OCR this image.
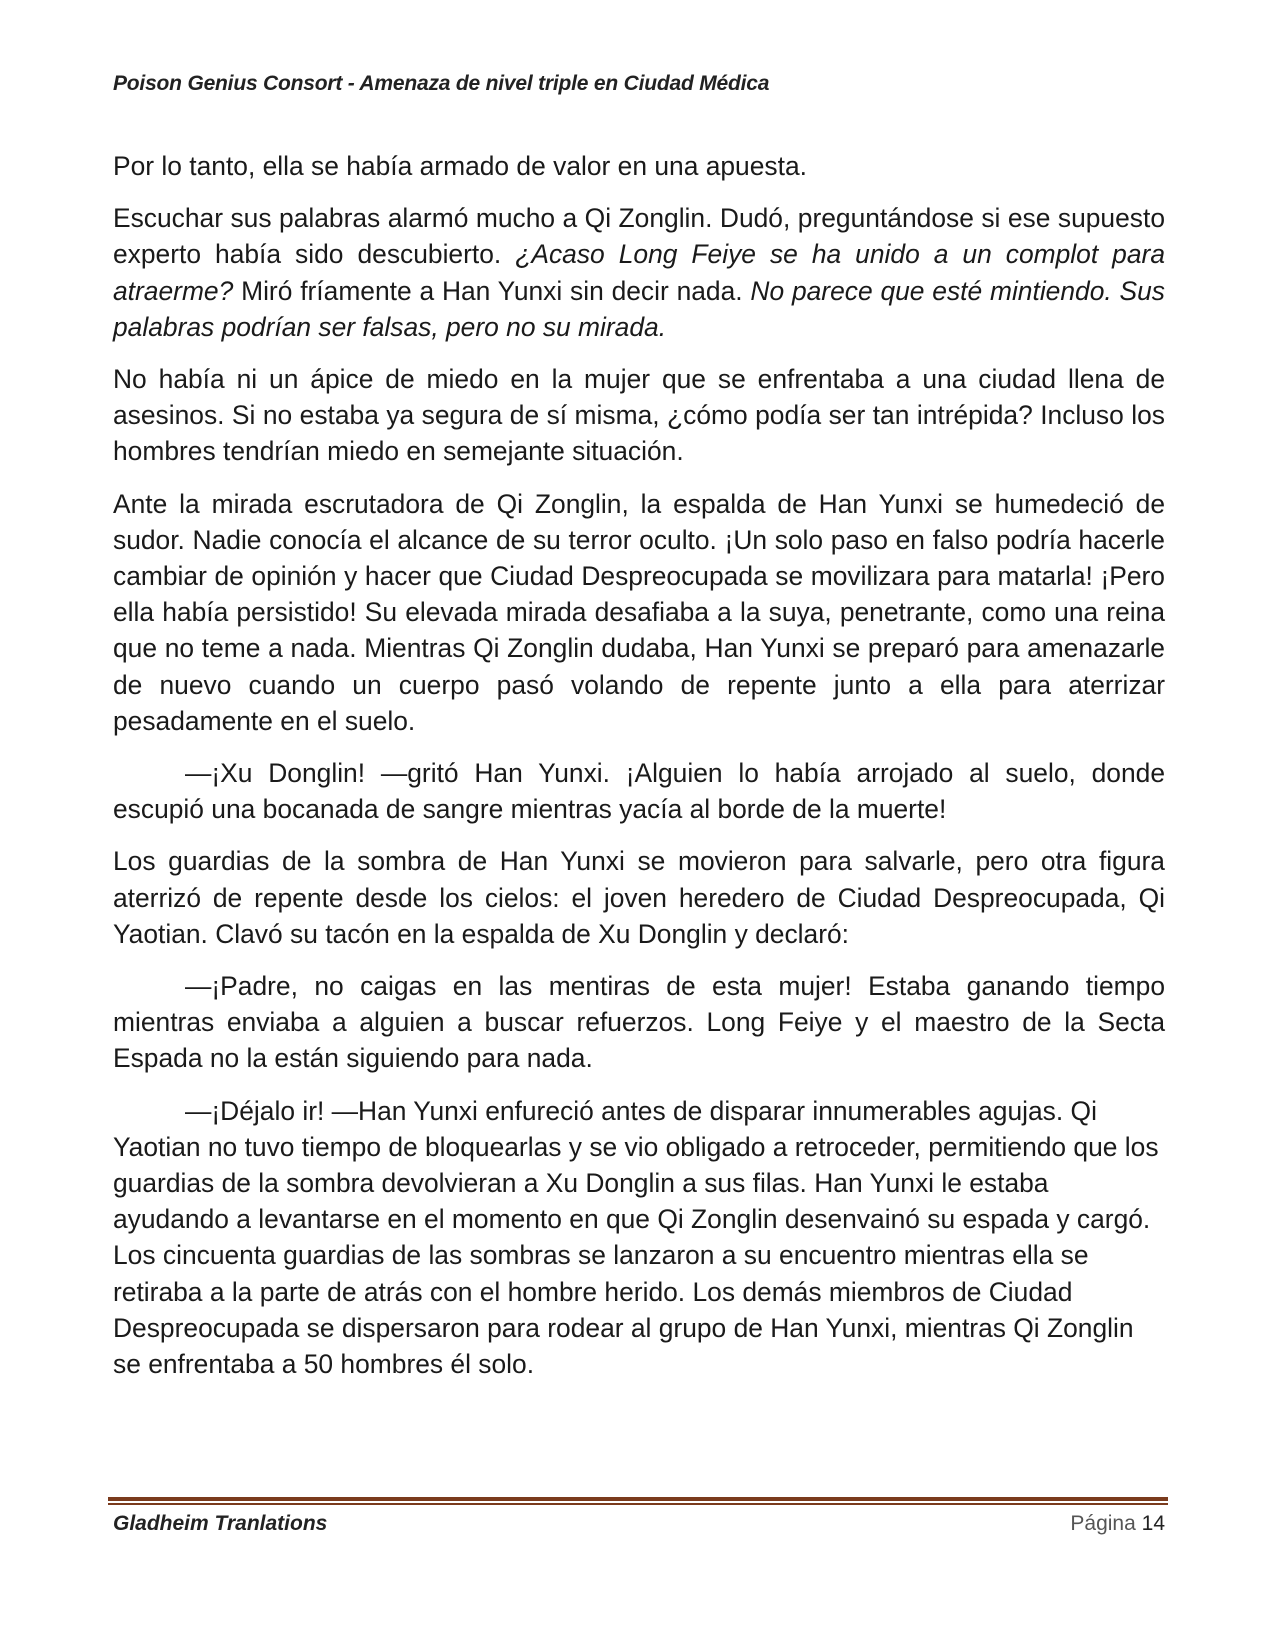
Poison Genius Consort - Amenaza de nivel triple en Ciudad Médica

Por lo tanto, ella se había armado de valor en una apuesta.

Escuchar sus palabras alarmó mucho a Qi Zonglin. Dudó, preguntándose si ese supuesto experto había sido descubierto. ¿Acaso Long Feiye se ha unido a un complot para atraerme? Miró fríamente a Han Yunxi sin decir nada. No parece que esté mintiendo. Sus palabras podrían ser falsas, pero no su mirada.

No había ni un ápice de miedo en la mujer que se enfrentaba a una ciudad llena de asesinos. Si no estaba ya segura de sí misma, ¿cómo podía ser tan intrépida? Incluso los hombres tendrían miedo en semejante situación.

Ante la mirada escrutadora de Qi Zonglin, la espalda de Han Yunxi se humedeció de sudor. Nadie conocía el alcance de su terror oculto. ¡Un solo paso en falso podría hacerle cambiar de opinión y hacer que Ciudad Despreocupada se movilizara para matarla! ¡Pero ella había persistido! Su elevada mirada desafiaba a la suya, penetrante, como una reina que no teme a nada. Mientras Qi Zonglin dudaba, Han Yunxi se preparó para amenazarle de nuevo cuando un cuerpo pasó volando de repente junto a ella para aterrizar pesadamente en el suelo.

—¡Xu Donglin! —gritó Han Yunxi. ¡Alguien lo había arrojado al suelo, donde escupió una bocanada de sangre mientras yacía al borde de la muerte!

Los guardias de la sombra de Han Yunxi se movieron para salvarle, pero otra figura aterrizó de repente desde los cielos: el joven heredero de Ciudad Despreocupada, Qi Yaotian. Clavó su tacón en la espalda de Xu Donglin y declaró:

—¡Padre, no caigas en las mentiras de esta mujer! Estaba ganando tiempo mientras enviaba a alguien a buscar refuerzos. Long Feiye y el maestro de la Secta Espada no la están siguiendo para nada.

—¡Déjalo ir! —Han Yunxi enfureció antes de disparar innumerables agujas. Qi Yaotian no tuvo tiempo de bloquearlas y se vio obligado a retroceder, permitiendo que los guardias de la sombra devolvieran a Xu Donglin a sus filas. Han Yunxi le estaba ayudando a levantarse en el momento en que Qi Zonglin desenvainó su espada y cargó. Los cincuenta guardias de las sombras se lanzaron a su encuentro mientras ella se retiraba a la parte de atrás con el hombre herido. Los demás miembros de Ciudad Despreocupada se dispersaron para rodear al grupo de Han Yunxi, mientras Qi Zonglin se enfrentaba a 50 hombres él solo.

Gladheim Tranlations	Página 14
